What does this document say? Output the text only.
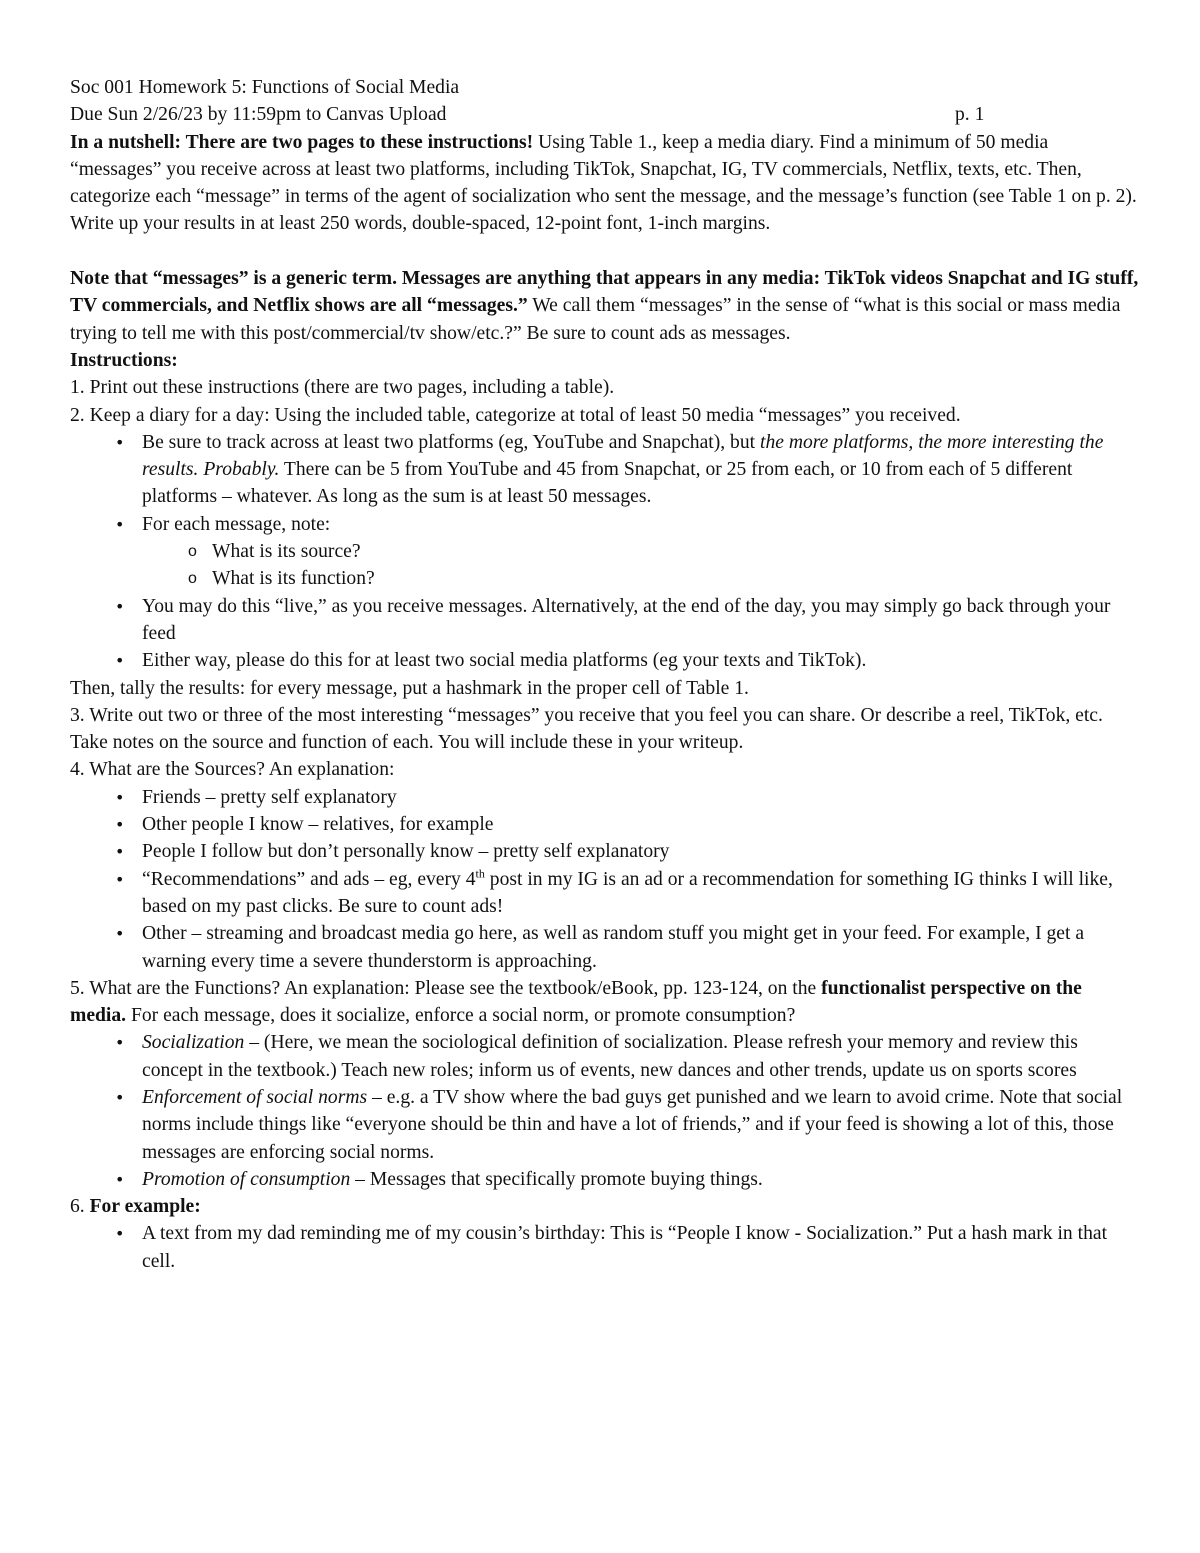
Soc 001 Homework 5: Functions of Social Media
Due Sun 2/26/23 by 11:59pm to Canvas Upload	p. 1
In a nutshell: There are two pages to these instructions! Using Table 1., keep a media diary. Find a minimum of 50 media “messages” you receive across at least two platforms, including TikTok, Snapchat, IG, TV commercials, Netflix, texts, etc. Then, categorize each “message” in terms of the agent of socialization who sent the message, and the message’s function (see Table 1 on p. 2). Write up your results in at least 250 words, double-spaced, 12-point font, 1-inch margins.
Note that “messages” is a generic term. Messages are anything that appears in any media: TikTok videos Snapchat and IG stuff, TV commercials, and Netflix shows are all “messages.” We call them “messages” in the sense of “what is this social or mass media trying to tell me with this post/commercial/tv show/etc.?” Be sure to count ads as messages.
Instructions:
1. Print out these instructions (there are two pages, including a table).
2. Keep a diary for a day: Using the included table, categorize at total of least 50 media “messages” you received.
• Be sure to track across at least two platforms (eg, YouTube and Snapchat), but the more platforms, the more interesting the results. Probably. There can be 5 from YouTube and 45 from Snapchat, or 25 from each, or 10 from each of 5 different platforms – whatever. As long as the sum is at least 50 messages.
• For each message, note:
o What is its source?
o What is its function?
• You may do this “live,” as you receive messages. Alternatively, at the end of the day, you may simply go back through your feed
• Either way, please do this for at least two social media platforms (eg your texts and TikTok).
Then, tally the results: for every message, put a hashmark in the proper cell of Table 1.
3. Write out two or three of the most interesting “messages” you receive that you feel you can share. Or describe a reel, TikTok, etc. Take notes on the source and function of each. You will include these in your writeup.
4. What are the Sources? An explanation:
• Friends – pretty self explanatory
• Other people I know – relatives, for example
• People I follow but don’t personally know – pretty self explanatory
• “Recommendations” and ads – eg, every 4th post in my IG is an ad or a recommendation for something IG thinks I will like, based on my past clicks. Be sure to count ads!
• Other – streaming and broadcast media go here, as well as random stuff you might get in your feed. For example, I get a warning every time a severe thunderstorm is approaching.
5. What are the Functions? An explanation: Please see the textbook/eBook, pp. 123-124, on the functionalist perspective on the media. For each message, does it socialize, enforce a social norm, or promote consumption?
• Socialization – (Here, we mean the sociological definition of socialization. Please refresh your memory and review this concept in the textbook.) Teach new roles; inform us of events, new dances and other trends, update us on sports scores
• Enforcement of social norms – e.g. a TV show where the bad guys get punished and we learn to avoid crime. Note that social norms include things like “everyone should be thin and have a lot of friends,” and if your feed is showing a lot of this, those messages are enforcing social norms.
• Promotion of consumption – Messages that specifically promote buying things.
6. For example:
• A text from my dad reminding me of my cousin’s birthday: This is “People I know - Socialization.” Put a hash mark in that cell.
